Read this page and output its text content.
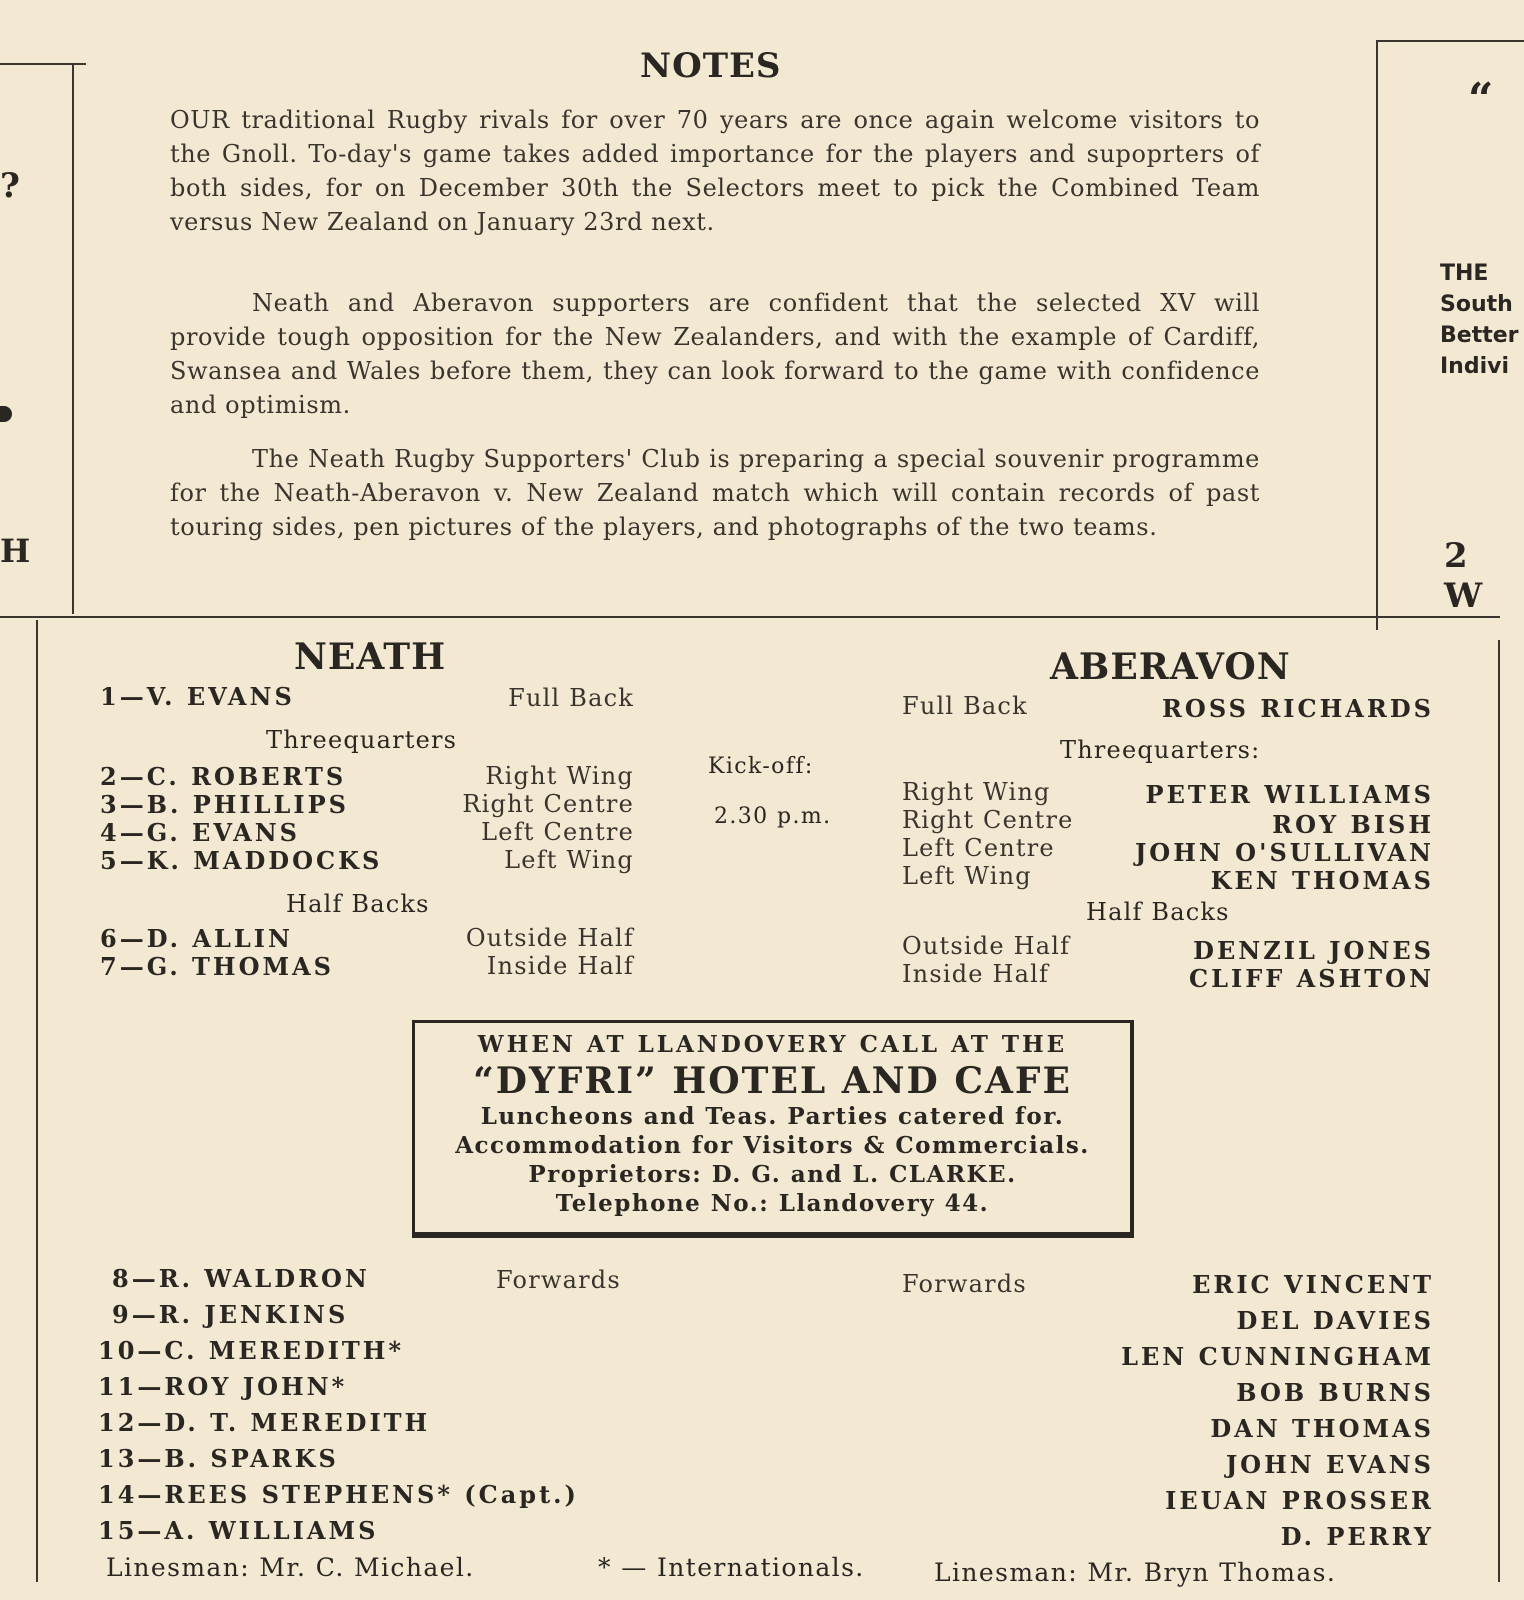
?
H
“
THE
South
Better
Indivi
2 W
NOTES

OUR traditional Rugby rivals for over 70 years are once again welcome visitors to the Gnoll. To-day's game takes added importance for the players and supoprters of both sides, for on December 30th the Selectors meet to pick the Combined Team versus New Zealand on January 23rd next.

Neath and Aberavon supporters are confident that the selected XV will provide tough opposition for the New Zealanders, and with the example of Cardiff, Swansea and Wales before them, they can look forward to the game with confidence and optimism.

The Neath Rugby Supporters' Club is preparing a special souvenir programme for the Neath-Aberavon v. New Zealand match which will contain records of past touring sides, pen pictures of the players, and photographs of the two teams.

NEATH
1—V. EVANS	Full Back
Threequarters
2—C. ROBERTS	Right Wing
3—B. PHILLIPS	Right Centre
4—G. EVANS	Left Centre
5—K. MADDOCKS	Left Wing
Half Backs
6—D. ALLIN	Outside Half
7—G. THOMAS	Inside Half
Kick-off:
2.30 p.m.
ABERAVON
Full Back	ROSS RICHARDS
Threequarters:
Right Wing	PETER WILLIAMS
Right Centre	ROY BISH
Left Centre	JOHN O'SULLIVAN
Left Wing	KEN THOMAS
Half Backs
Outside Half	DENZIL JONES
Inside Half	CLIFF ASHTON
WHEN AT LLANDOVERY CALL AT THE
“DYFRI” HOTEL AND CAFE
Luncheons and Teas. Parties catered for.
Accommodation for Visitors & Commercials.
Proprietors: D. G. and L. CLARKE.
Telephone No.: Llandovery 44.
Forwards	Forwards
8—R. WALDRON
9—R. JENKINS
10—C. MEREDITH*
11—ROY JOHN*
12—D. T. MEREDITH
13—B. SPARKS
14—REES STEPHENS* (Capt.)
15—A. WILLIAMS
ERIC VINCENT
DEL DAVIES
LEN CUNNINGHAM
BOB BURNS
DAN THOMAS
JOHN EVANS
IEUAN PROSSER
D. PERRY
Linesman: Mr. C. Michael.	* — Internationals.	Linesman: Mr. Bryn Thomas.
